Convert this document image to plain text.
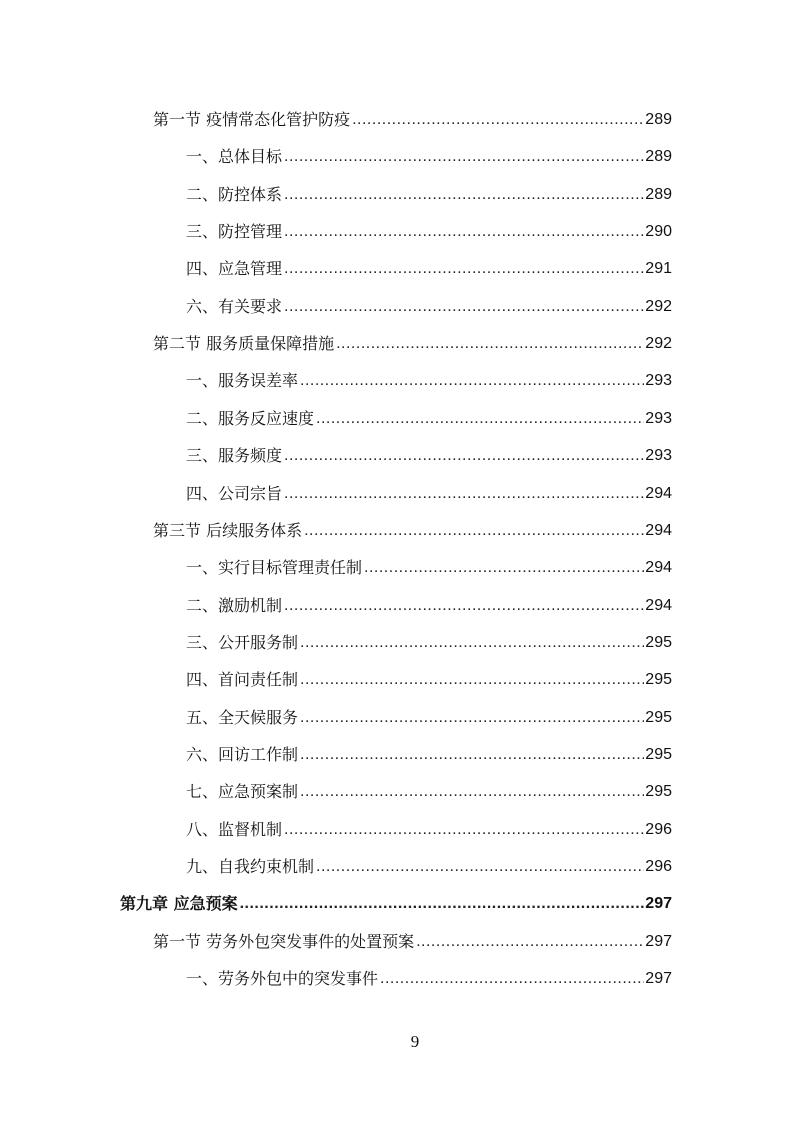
第一节 疫情常态化管护防疫 .....	289
一、总体目标 .....	289
二、防控体系 .....	289
三、防控管理 .....	290
四、应急管理 .....	291
六、有关要求 .....	292
第二节 服务质量保障措施 .....	292
一、服务误差率 .....	293
二、服务反应速度 .....	293
三、服务频度 .....	293
四、公司宗旨 .....	294
第三节 后续服务体系 .....	294
一、实行目标管理责任制 .....	294
二、激励机制 .....	294
三、公开服务制 .....	295
四、首问责任制 .....	295
五、全天候服务 .....	295
六、回访工作制 .....	295
七、应急预案制 .....	295
八、监督机制 .....	296
九、自我约束机制 .....	296
第九章 应急预案 .....	297
第一节 劳务外包突发事件的处置预案 .....	297
一、劳务外包中的突发事件 .....	297
9
